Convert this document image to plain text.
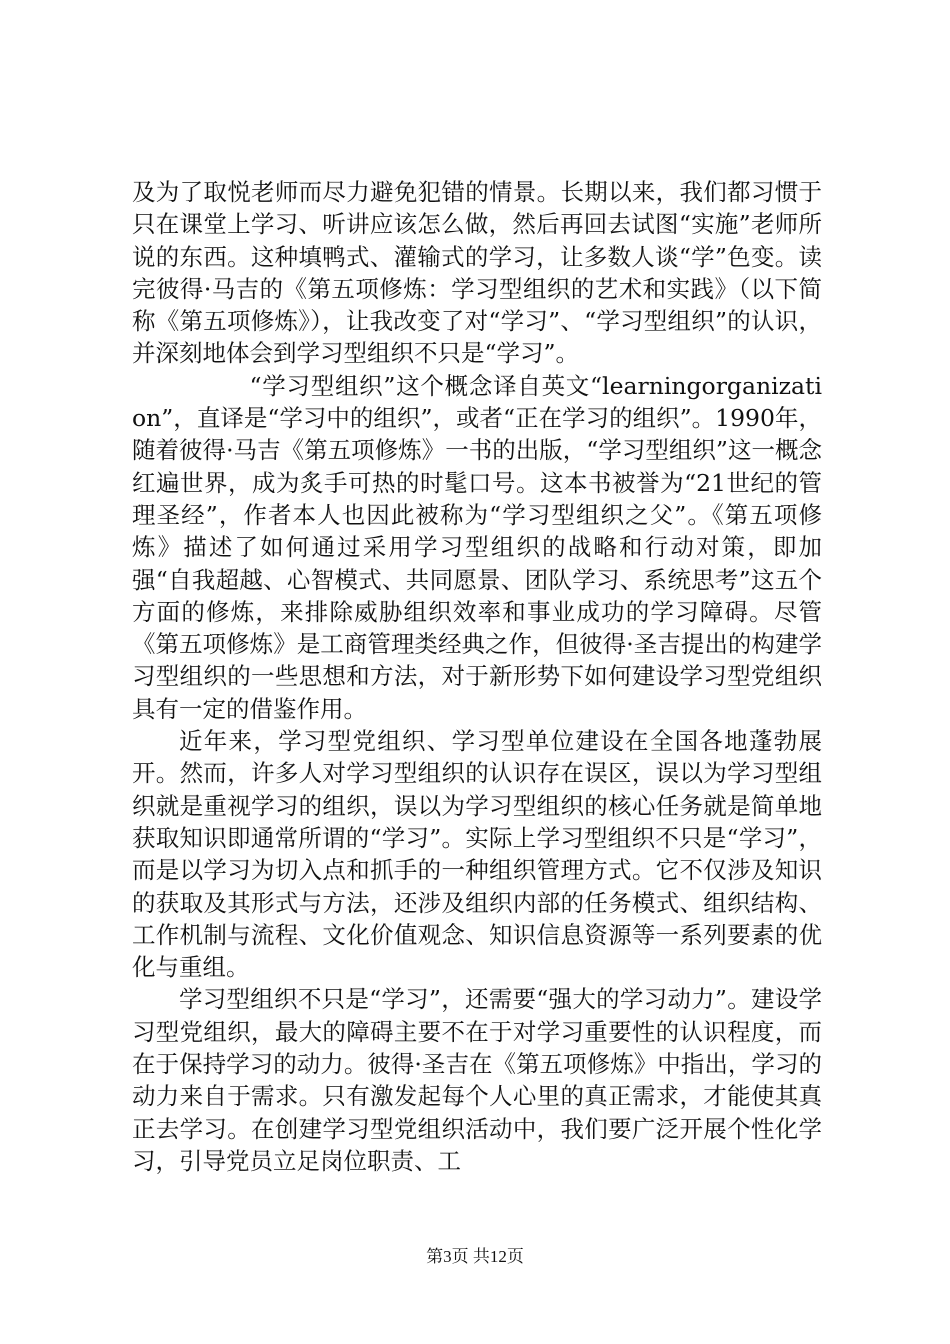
及为了取悦老师而尽力避免犯错的情景。长期以来，我们都习惯于只在课堂上学习、听讲应该怎么做，然后再回去试图“实施”老师所说的东西。这种填鸭式、灌输式的学习，让多数人谈“学”色变。读完彼得·马吉的《第五项修炼：学习型组织的艺术和实践》（以下简称《第五项修炼》），让我改变了对“学习”、“学习型组织”的认识，并深刻地体会到学习型组织不只是“学习”。

“学习型组织”这个概念译自英文“learningorganization”，直译是“学习中的组织”，或者“正在学习的组织”。1990年，随着彼得·马吉《第五项修炼》一书的出版，“学习型组织”这一概念红遍世界，成为炙手可热的时髦口号。这本书被誉为“21世纪的管理圣经”，作者本人也因此被称为“学习型组织之父”。《第五项修炼》描述了如何通过采用学习型组织的战略和行动对策，即加强“自我超越、心智模式、共同愿景、团队学习、系统思考”这五个方面的修炼，来排除威胁组织效率和事业成功的学习障碍。尽管《第五项修炼》是工商管理类经典之作，但彼得·圣吉提出的构建学习型组织的一些思想和方法，对于新形势下如何建设学习型党组织具有一定的借鉴作用。

近年来，学习型党组织、学习型单位建设在全国各地蓬勃展开。然而，许多人对学习型组织的认识存在误区，误以为学习型组织就是重视学习的组织，误以为学习型组织的核心任务就是简单地获取知识即通常所谓的“学习”。实际上学习型组织不只是“学习”，而是以学习为切入点和抓手的一种组织管理方式。它不仅涉及知识的获取及其形式与方法，还涉及组织内部的任务模式、组织结构、工作机制与流程、文化价值观念、知识信息资源等一系列要素的优化与重组。

学习型组织不只是“学习”，还需要“强大的学习动力”。建设学习型党组织，最大的障碍主要不在于对学习重要性的认识程度，而在于保持学习的动力。彼得·圣吉在《第五项修炼》中指出，学习的动力来自于需求。只有激发起每个人心里的真正需求，才能使其真正去学习。在创建学习型党组织活动中，我们要广泛开展个性化学习，引导党员立足岗位职责、工

第3页 共12页
